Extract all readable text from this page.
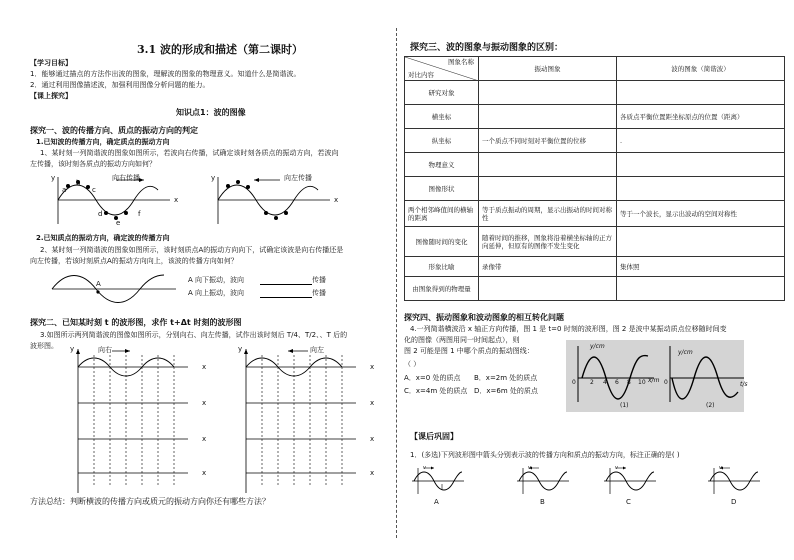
3.1 波的形成和描述（第二课时）
【学习目标】
1．能够通过描点的方法作出波的图象，理解波的图象的物理意义。知道什么是简谐波。
2．通过利用图像描述波，加强利用图像分析问题的能力。
【课上探究】
知识点1：波的图像
探究一、波的传播方向、质点的振动方向的判定
1.已知波的传播方向，确定质点的振动方向
1、某时刻一列简谐波的图象如图所示，若波向右传播，试确定该时刻各质点的振动方向，若波向
左传播，该时刻各质点的振动方向如何？
y
x
向右传播
a
b
c
d
e
f
y
x
向左传播
2.已知质点的振动方向，确定波的传播方向
2、某时刻一列简谐波的图象如图所示，该时刻质点A的振动方向向下，试确定该波是向右传播还是
向左传播，若该时刻质点A的振动方向向上，该波的传播方向如何？
A	A 向下振动，波向	传播
A 向上振动，波向	传播
探究二、已知某时刻 t 的波形图，求作 t+Δt 时刻的波形图
3.如图所示两列简谐波的图像如图所示，分别向右、向左传播，试作出该时刻后 T/4、T/2、、T 后的
波形图。 y	向右
x
x
x
x
y	向左
x
x
x
x
方法总结：判断横波的传播方向或质元的振动方向你还有哪些方法？
探究三、波的图象与振动图象的区别：
图象名称
对比内容	振动图象	波的图象（简谐波）
研究对象		
横坐标		各质点平衡位置距坐标原点的位置（距离）
纵坐标	一个质点不同时刻对平衡位置的位移	.
物理意义		
图像形状		
两个相邻峰值间的横轴的距离	等于质点振动的周期，显示出振动的时间对称性	等于一个波长，显示出波动的空间对称性
图像随时间的变化	随着时间的推移，图象将沿着横坐标轴的正方向延伸，但原有的图像不发生变化	
形象比喻	录像带	集体照
由图象得到的物理量		
探究四、振动图象和波动图象的相互转化问题
4.一列简谐横波沿 x 轴正方向传播，图 1 是 t=0 时刻的波形图，图 2 是波中某振动质点位移随时间变
化的图像（两图用同一时间起点），则
图 2 可能是图 1 中哪个质点的振动图线：
（ ）
A．x=0 处的质点 B．x=2m 处的质点
C．x=4m 处的质点 D．x=6m 处的质点
y/cm
0 2 4 6 8 10 x/m
(1)
y/cm
0	t/s
(2)
【课后巩固】
1．(多选)下列波形图中箭头分别表示波的传播方向和质点的振动方向，标注正确的是( )
v	v	v	v
A	B	C	D
